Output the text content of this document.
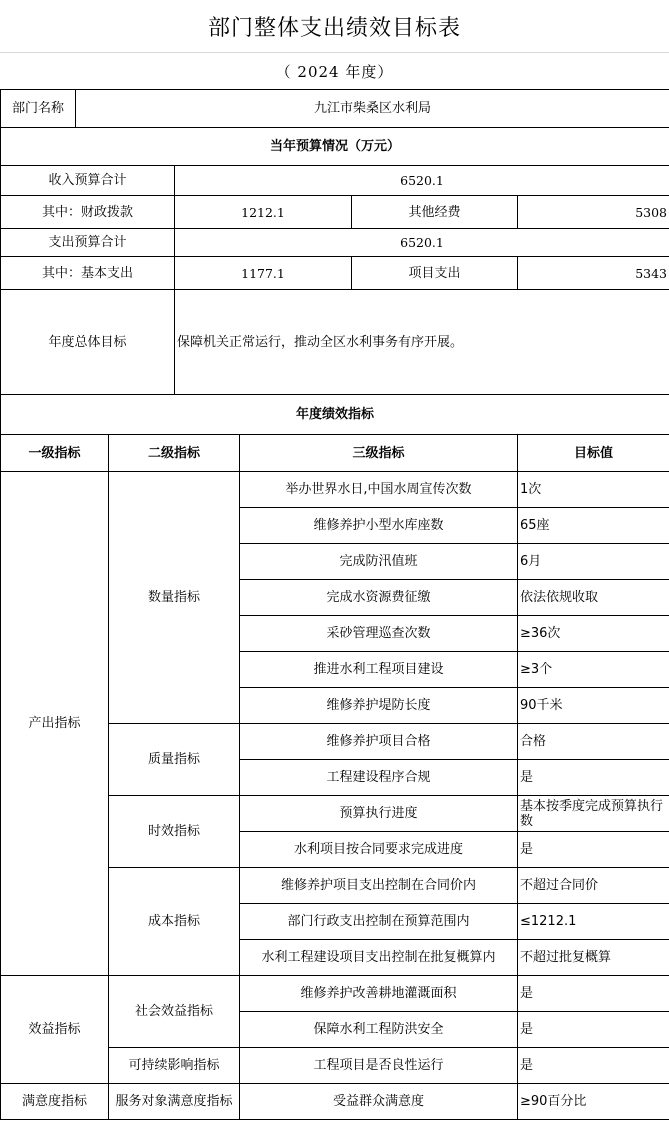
部门整体支出绩效目标表
（ 2024 年度）
部门名称	九江市柴桑区水利局			
当年预算情况（万元）				
收入预算合计		6520.1		
其中：财政拨款		1212.1	其他经费	5308
支出预算合计		6520.1		
其中：基本支出		1177.1	项目支出	5343
年度总体目标		保障机关正常运行，推动全区水利事务有序开展。		
年度绩效指标				
一级指标	二级指标	三级指标	目标值
产出指标	数量指标	举办世界水日,中国水周宣传次数	1次
		维修养护小型水库座数	65座
		完成防汛值班	6月
		完成水资源费征缴	依法依规收取
		采砂管理巡查次数	≥36次
		推进水利工程项目建设	≥3个
		维修养护堤防长度	90千米
	质量指标	维修养护项目合格	合格
		工程建设程序合规	是
	时效指标	预算执行进度	基本按季度完成预算执行数
		水利项目按合同要求完成进度	是
	成本指标	维修养护项目支出控制在合同价内	不超过合同价
		部门行政支出控制在预算范围内	≤1212.1
		水利工程建设项目支出控制在批复概算内	不超过批复概算
效益指标	社会效益指标	维修养护改善耕地灌溉面积	是
		保障水利工程防洪安全	是
	可持续影响指标	工程项目是否良性运行	是
满意度指标	服务对象满意度指标	受益群众满意度	≥90百分比
